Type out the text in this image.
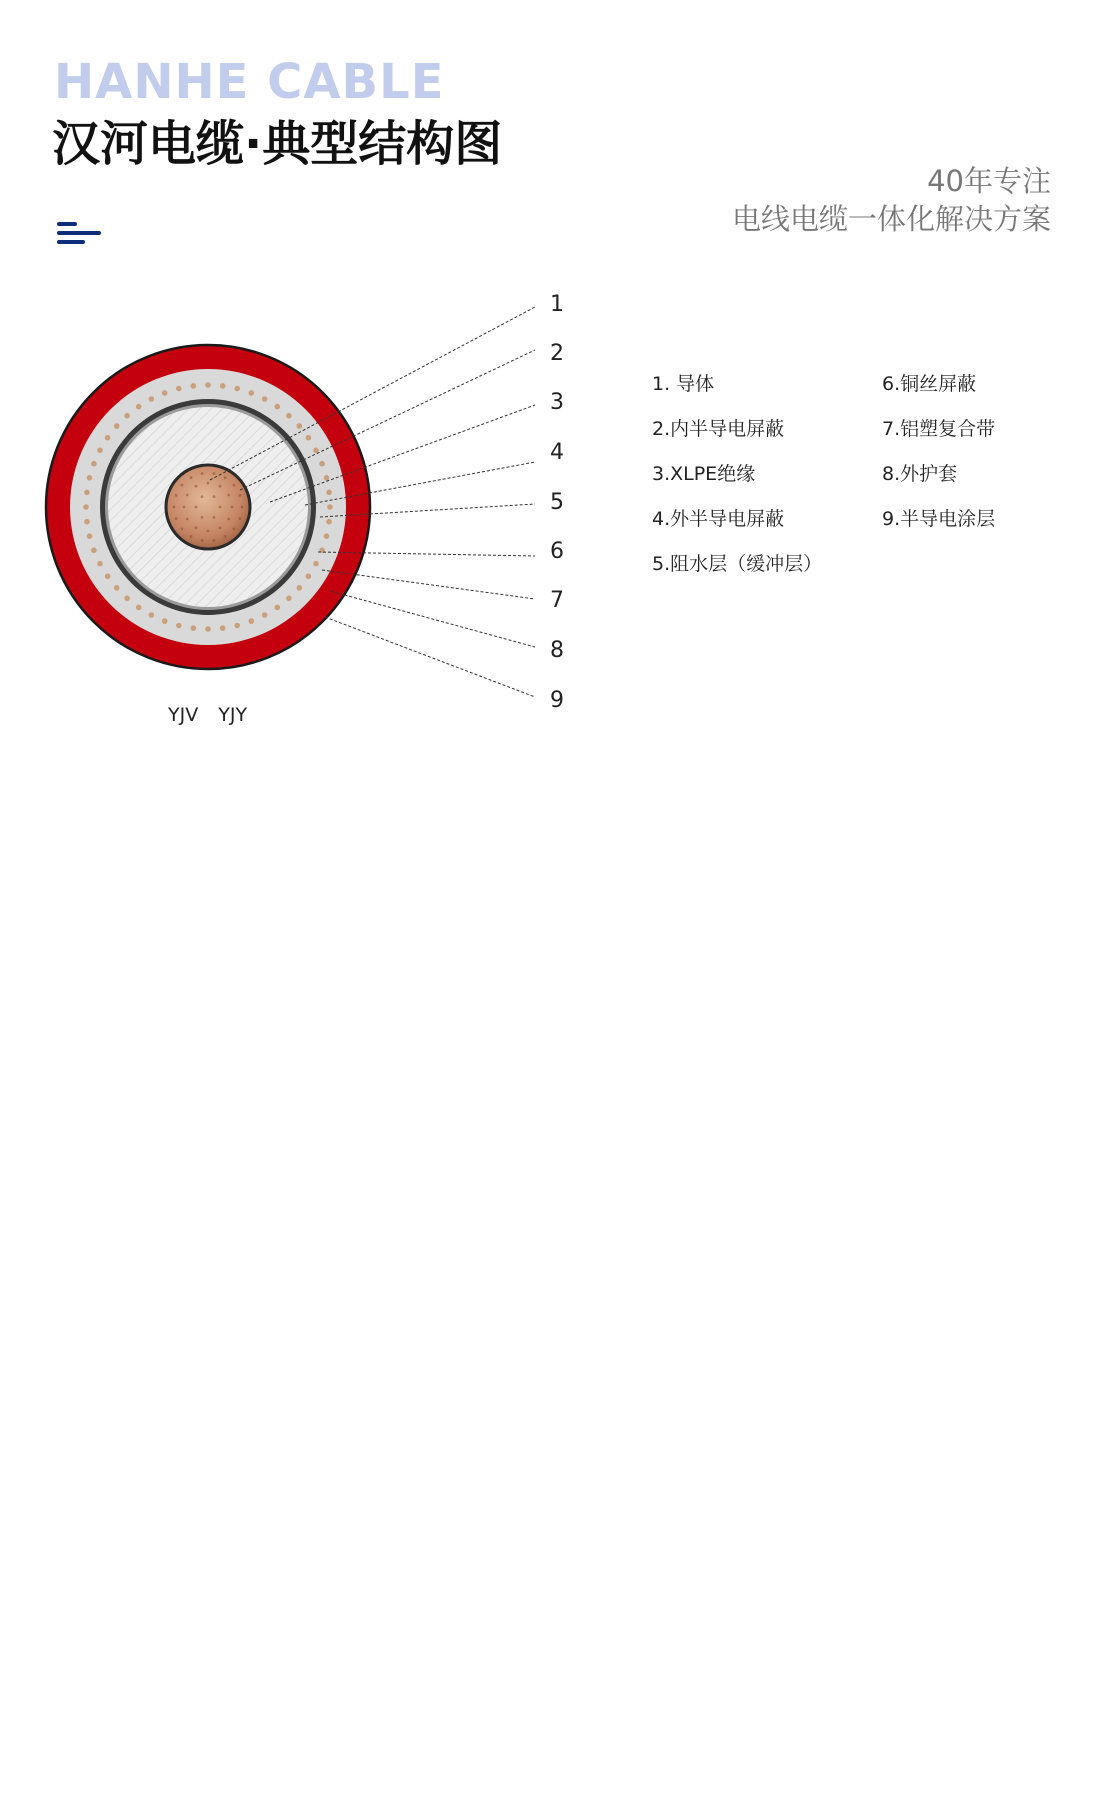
HANHE CABLE
汉河电缆·典型结构图
40年专注
电线电缆一体化解决方案
1
2
3
4
5
6
7
8
9
YJV YJY
1. 导体
2.内半导电屏蔽
3.XLPE绝缘
4.外半导电屏蔽
5.阻水层（缓冲层）
6.铜丝屏蔽
7.铝塑复合带
8.外护套
9.半导电涂层
